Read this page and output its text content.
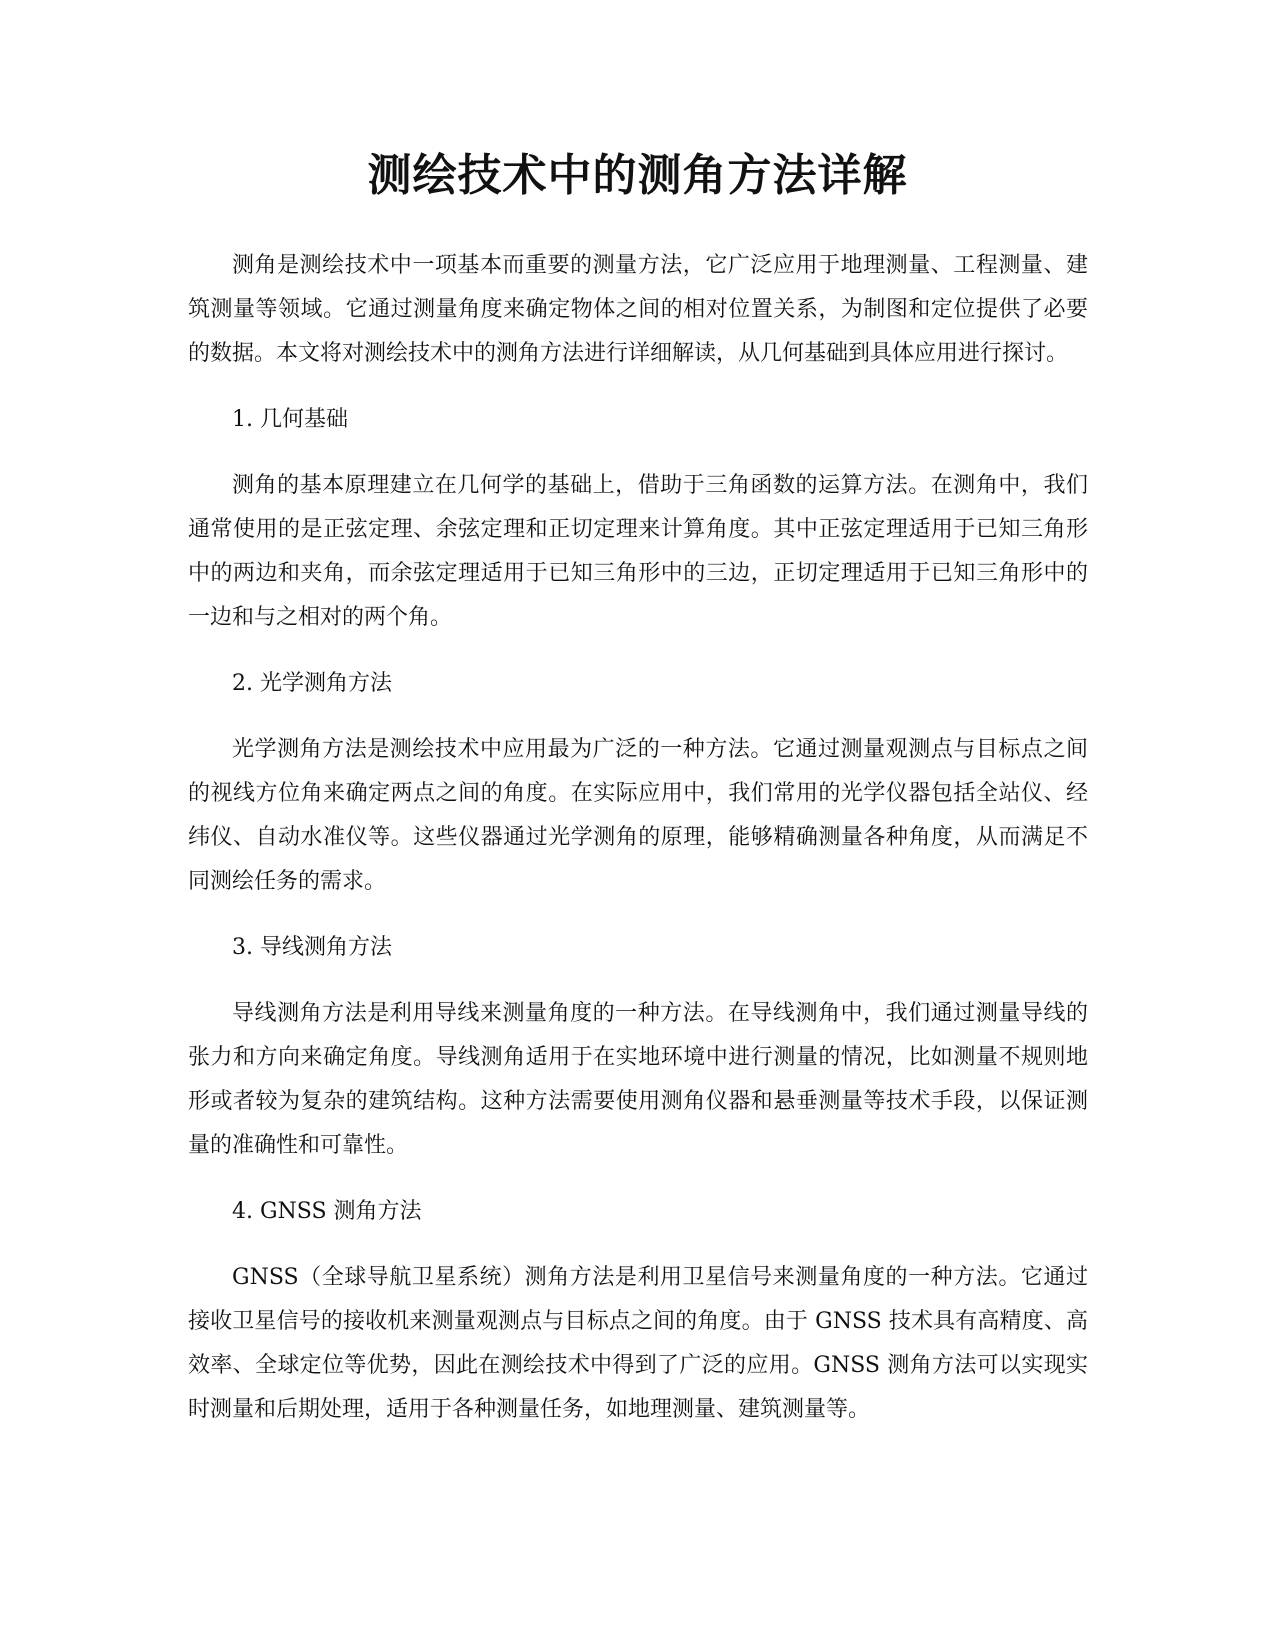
测绘技术中的测角方法详解

测角是测绘技术中一项基本而重要的测量方法，它广泛应用于地理测量、工程测量、建筑测量等领域。它通过测量角度来确定物体之间的相对位置关系，为制图和定位提供了必要的数据。本文将对测绘技术中的测角方法进行详细解读，从几何基础到具体应用进行探讨。

1. 几何基础

测角的基本原理建立在几何学的基础上，借助于三角函数的运算方法。在测角中，我们通常使用的是正弦定理、余弦定理和正切定理来计算角度。其中正弦定理适用于已知三角形中的两边和夹角，而余弦定理适用于已知三角形中的三边，正切定理适用于已知三角形中的一边和与之相对的两个角。

2. 光学测角方法

光学测角方法是测绘技术中应用最为广泛的一种方法。它通过测量观测点与目标点之间的视线方位角来确定两点之间的角度。在实际应用中，我们常用的光学仪器包括全站仪、经纬仪、自动水准仪等。这些仪器通过光学测角的原理，能够精确测量各种角度，从而满足不同测绘任务的需求。

3. 导线测角方法

导线测角方法是利用导线来测量角度的一种方法。在导线测角中，我们通过测量导线的张力和方向来确定角度。导线测角适用于在实地环境中进行测量的情况，比如测量不规则地形或者较为复杂的建筑结构。这种方法需要使用测角仪器和悬垂测量等技术手段，以保证测量的准确性和可靠性。

4. GNSS 测角方法

GNSS（全球导航卫星系统）测角方法是利用卫星信号来测量角度的一种方法。它通过接收卫星信号的接收机来测量观测点与目标点之间的角度。由于 GNSS 技术具有高精度、高效率、全球定位等优势，因此在测绘技术中得到了广泛的应用。GNSS 测角方法可以实现实时测量和后期处理，适用于各种测量任务，如地理测量、建筑测量等。
